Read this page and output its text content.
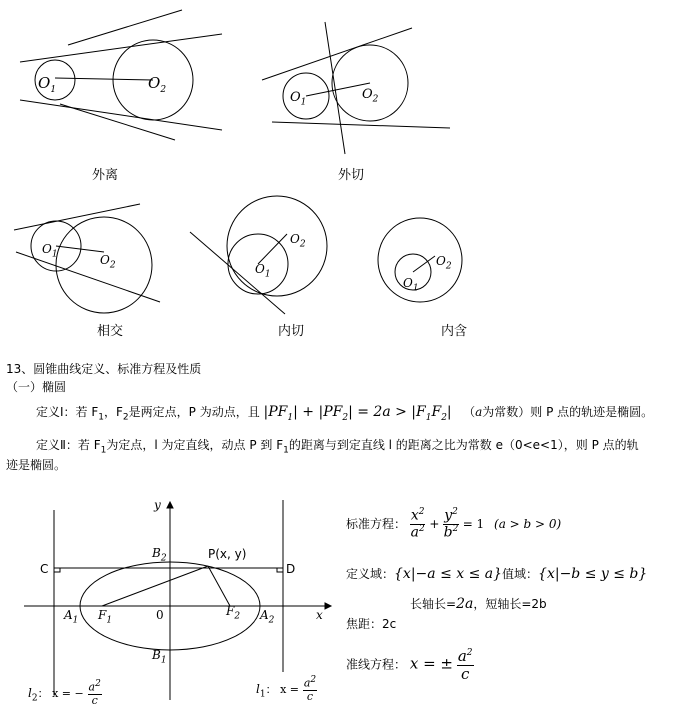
$O_1$	$O_2$	$O_1$
$O_2$
$O_1$	$O_2$	$O_1$
$O_2$
$O_1$
$O_2$
外离	外切
相交	内切	内含
13、圆锥曲线定义、标准方程及性质
（一）椭圆
定义Ⅰ：若 $F_1$，$F_2$是两定点，P 为动点，且 $|PF_1| + |PF_2| = 2a > |F_1F_2|$ （a为常数）则 P 点的轨迹是椭圆。
定义Ⅱ：若 $F_1$为定点，l 为定直线，动点 P 到 $F_1$的距离与到定直线 l 的距离之比为常数 e（0<e<1），则 P 点的轨
迹是椭圆。
y
x
0
C	D
P(x, y)
$B_2$
$B_1$
$A_1$	$A_2$
$F_1$
$F_2$
$l_2$： x = − $\frac{a^2}{c}$	$l_1$： $x = \frac{a^2}{c}$
标准方程： $\frac{x^2}{a^2} + \frac{y^2}{b^2} = 1$ (a > b > 0)
定义域：{x|−a ≤ x ≤ a}值域：{x|−b ≤ y ≤ b}
长轴长=2a，短轴长=2b
焦距：2c
准线方程： x = ± $\frac{a^2}{c}$
